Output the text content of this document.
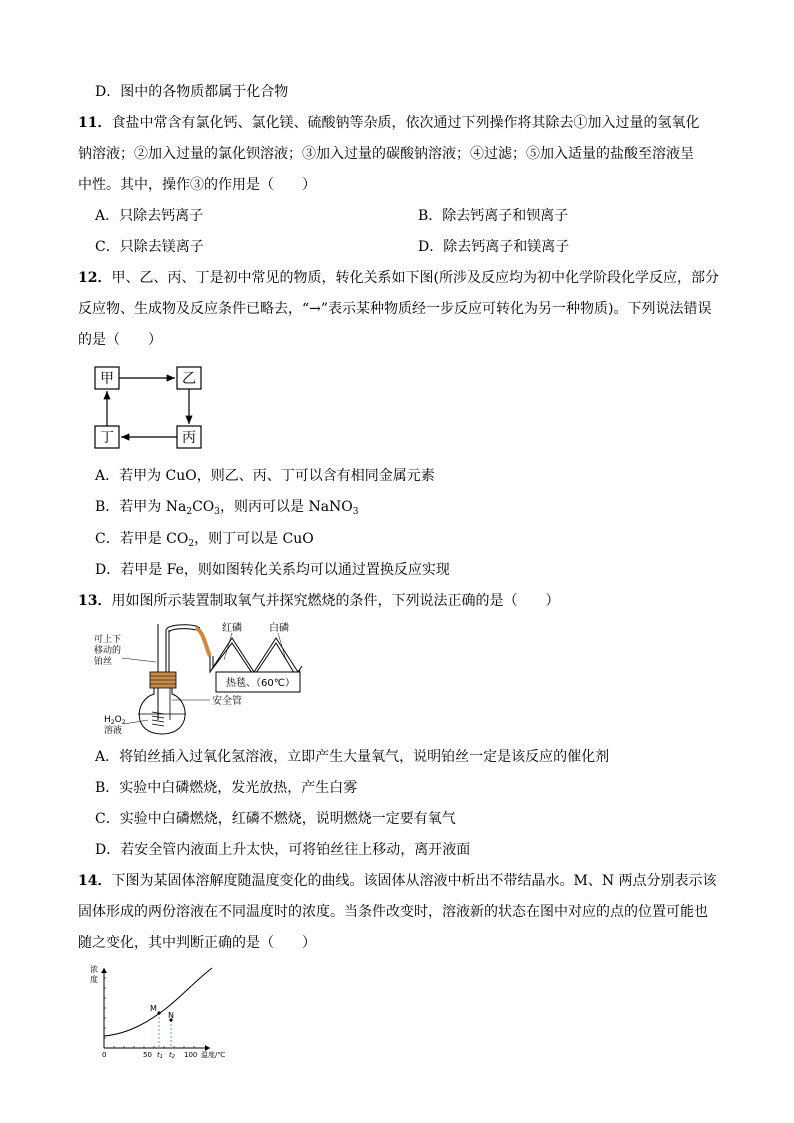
D．图中的各物质都属于化合物
11．食盐中常含有氯化钙、氯化镁、硫酸钠等杂质，依次通过下列操作将其除去①加入过量的氢氧化
钠溶液；②加入过量的氯化钡溶液；③加入过量的碳酸钠溶液；④过滤；⑤加入适量的盐酸至溶液呈
中性。其中，操作③的作用是（　　）
A．只除去钙离子	B．除去钙离子和钡离子
C．只除去镁离子	D．除去钙离子和镁离子
12．甲、乙、丙、丁是初中常见的物质，转化关系如下图(所涉及反应均为初中化学阶段化学反应，部分
反应物、生成物及反应条件已略去，“→”表示某种物质经一步反应可转化为另一种物质)。下列说法错误
的是（　　）
甲	乙
丙
丁
A．若甲为 CuO，则乙、丙、丁可以含有相同金属元素
B．若甲为 $Na_2CO_3$，则丙可以是 NaNO$_3$
C．若甲是 $CO_2$，则丁可以是 CuO
D．若甲是 Fe，则如图转化关系均可以通过置换反应实现
13．用如图所示装置制取氧气并探究燃烧的条件，下列说法正确的是（　　）
红磷	白磷
热毯、（60℃）
可上下
移动的
铂丝
安全管
$H_2O_2$
溶液
A．将铂丝插入过氧化氢溶液，立即产生大量氧气，说明铂丝一定是该反应的催化剂
B．实验中白磷燃烧，发光放热，产生白雾
C．实验中白磷燃烧，红磷不燃烧，说明燃烧一定要有氧气
D．若安全管内液面上升太快，可将铂丝往上移动，离开液面
14．下图为某固体溶解度随温度变化的曲线。该固体从溶液中析出不带结晶水。M、N 两点分别表示该
固体形成的两份溶液在不同温度时的浓度。当条件改变时，溶液新的状态在图中对应的点的位置可能也
随之变化，其中判断正确的是（　　）
M
N
浓
度
0	50 t1 t2 100 温度/℃
